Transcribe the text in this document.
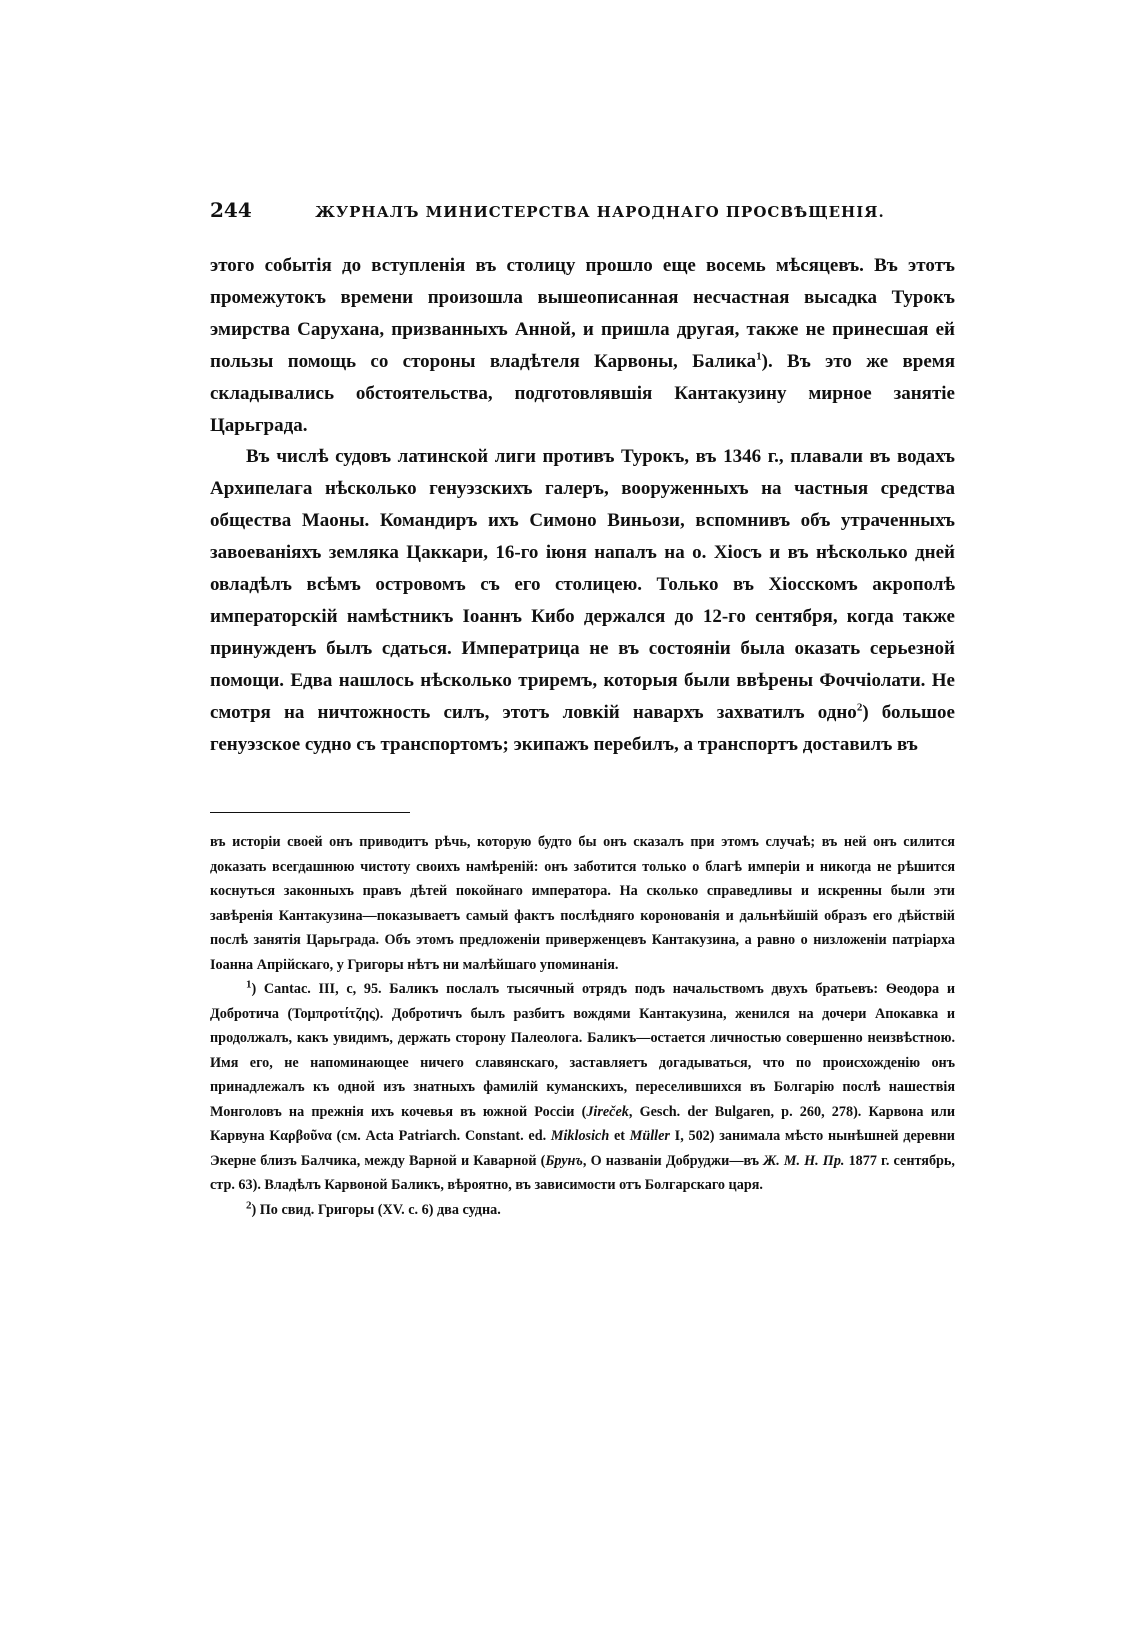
244	ЖУРНАЛЪ МИНИСТЕРСТВА НАРОДНАГО ПРОСВѢЩЕНІЯ.

этого событія до вступленія въ столицу прошло еще восемь мѣсяцевъ. Въ этотъ промежутокъ времени произошла вышеописанная несчастная высадка Турокъ эмирства Сарухана, призванныхъ Анной, и пришла другая, также не принесшая ей пользы помощь со стороны владѣтеля Карвоны, Балика$^1$). Въ это же время складывались обстоятельства, подготовлявшія Кантакузину мирное занятіе Царьграда.

Въ числѣ судовъ латинской лиги противъ Турокъ, въ 1346 г., плавали въ водахъ Архипелага нѣсколько генуэзскихъ галеръ, вооруженныхъ на частныя средства общества Маоны. Командиръ ихъ Симоно Виньози, вспомнивъ объ утраченныхъ завоеваніяхъ земляка Цаккари, 16-го іюня напалъ на о. Хіосъ и въ нѣсколько дней овладѣлъ всѣмъ островомъ съ его столицею. Только въ Хіосскомъ акрополѣ императорскій намѣстникъ Іоаннъ Кибо держался до 12-го сентября, когда также принужденъ былъ сдаться. Императрица не въ состояніи была оказать серьезной помощи. Едва нашлось нѣсколько триремъ, которыя были ввѣрены Фоччіолати. Не смотря на ничтожность силъ, этотъ ловкій навархъ захватилъ одно$^2$) большое генуэзское судно съ транспортомъ; экипажъ перебилъ, а транспортъ доставилъ въ

въ исторіи своей онъ приводитъ рѣчь, которую будто бы онъ сказалъ при этомъ случаѣ; въ ней онъ силится доказать всегдашнюю чистоту своихъ намѣреній: онъ заботится только о благѣ имперіи и никогда не рѣшится коснуться законныхъ правъ дѣтей покойнаго императора. На сколько справедливы и искренны были эти завѣренія Кантакузина—показываетъ самый фактъ послѣдняго коронованія и дальнѣйшій образъ его дѣйствій послѣ занятія Царьграда. Объ этомъ предложеніи приверженцевъ Кантакузина, а равно о низложеніи патріарха Іоанна Апрійскаго, у Григоры нѣтъ ни малѣйшаго упоминанія.

$^1$) Cantac. III, c, 95. Баликъ послалъ тысячный отрядъ подъ начальствомъ двухъ братьевъ: Ѳеодора и Добротича (Τομπροτίτζης). Добротичъ былъ разбитъ вождями Кантакузина, женился на дочери Апокавка и продолжалъ, какъ увидимъ, держать сторону Палеолога. Баликъ—остается личностью совершенно неизвѣстною. Имя его, не напоминающее ничего славянскаго, заставляетъ догадываться, что по происхожденію онъ принадлежалъ къ одной изъ знатныхъ фамилій куманскихъ, переселившихся въ Болгарію послѣ нашествія Монголовъ на прежнія ихъ кочевья въ южной Россіи (Jireček, Gesch. der Bulgaren, p. 260, 278). Карвона или Карвуна Καρβοῦνα (см. Acta Patriarch. Constant. ed. Miklosich et Müller I, 502) занимала мѣсто нынѣшней деревни Экерне близъ Балчика, между Варной и Каварной (Брунъ, О названіи Добруджи—въ Ж. М. Н. Пр. 1877 г. сентябрь, стр. 63). Владѣлъ Карвоной Баликъ, вѣроятно, въ зависимости отъ Болгарскаго царя.

$^2$) По свид. Григоры (XV. c. 6) два судна.
